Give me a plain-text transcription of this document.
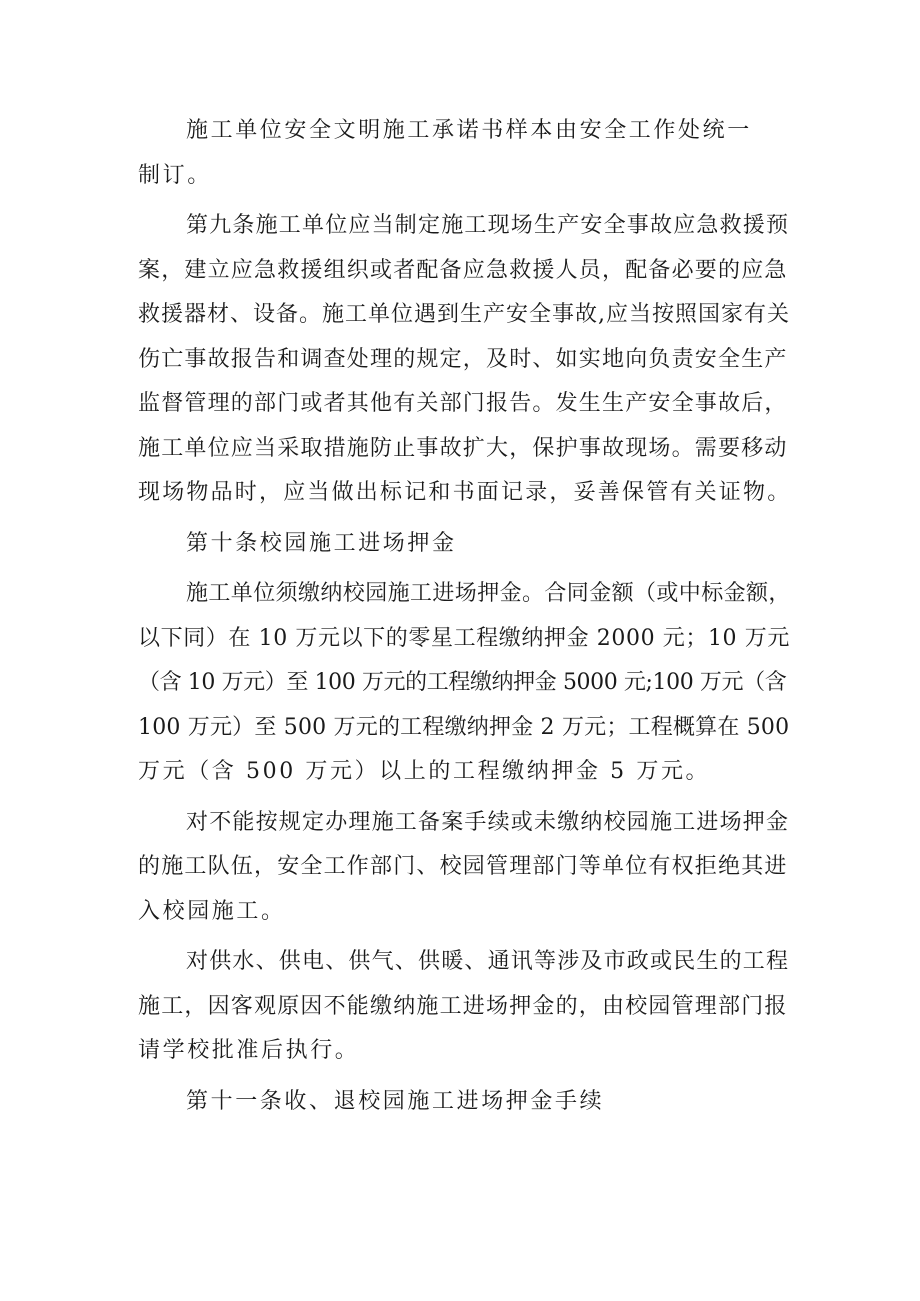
施工单位安全文明施工承诺书样本由安全工作处统一
制订。
第九条施工单位应当制定施工现场生产安全事故应急救援预
案，建立应急救援组织或者配备应急救援人员，配备必要的应急
救援器材、设备。施工单位遇到生产安全事故,应当按照国家有关
伤亡事故报告和调查处理的规定，及时、如实地向负责安全生产
监督管理的部门或者其他有关部门报告。发生生产安全事故后，
施工单位应当采取措施防止事故扩大，保护事故现场。需要移动
现场物品时，应当做出标记和书面记录，妥善保管有关证物。
第十条校园施工进场押金
施工单位须缴纳校园施工进场押金。合同金额（或中标金额，
以下同）在 10 万元以下的零星工程缴纳押金 2000 元；10 万元
（含 10 万元）至 100 万元的工程缴纳押金 5000 元;100 万元（含
100 万元）至 500 万元的工程缴纳押金 2 万元；工程概算在 500
万元（含 500 万元）以上的工程缴纳押金 5 万元。
对不能按规定办理施工备案手续或未缴纳校园施工进场押金
的施工队伍，安全工作部门、校园管理部门等单位有权拒绝其进
入校园施工。
对供水、供电、供气、供暖、通讯等涉及市政或民生的工程
施工，因客观原因不能缴纳施工进场押金的，由校园管理部门报
请学校批准后执行。
第十一条收、退校园施工进场押金手续
